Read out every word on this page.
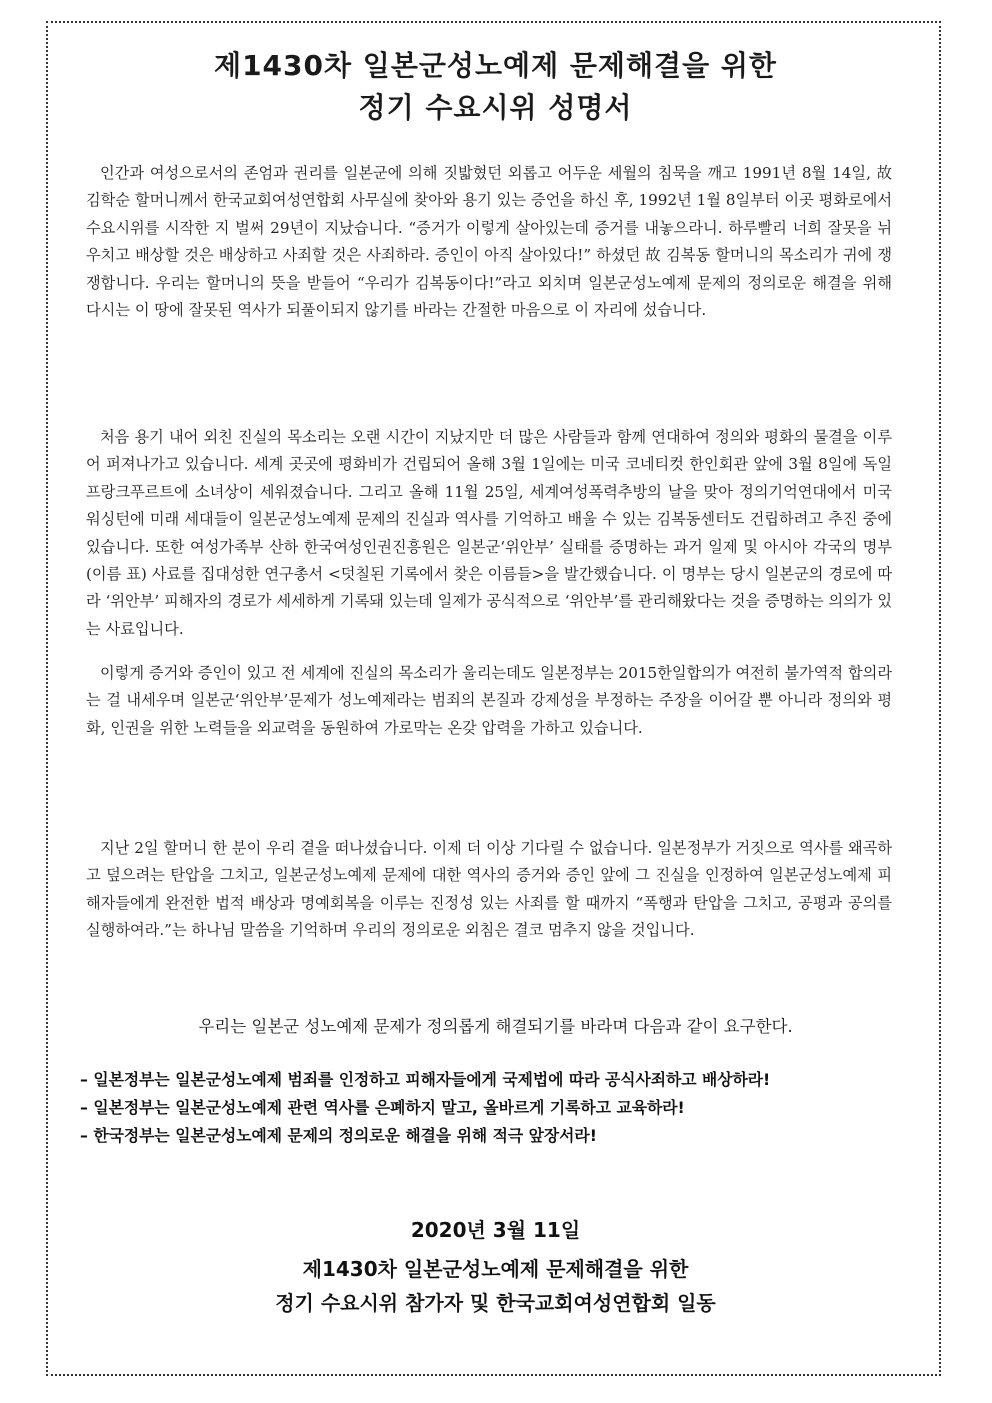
제1430차 일본군성노예제 문제해결을 위한
정기 수요시위 성명서

인간과 여성으로서의 존엄과 권리를 일본군에 의해 짓밟혔던 외롭고 어두운 세월의 침묵을 깨고 1991년 8월 14일, 故 김학순 할머니께서 한국교회여성연합회 사무실에 찾아와 용기 있는 증언을 하신 후, 1992년 1월 8일부터 이곳 평화로에서 수요시위를 시작한 지 벌써 29년이 지났습니다. “증거가 이렇게 살아있는데 증거를 내놓으라니. 하루빨리 너희 잘못을 뉘우치고 배상할 것은 배상하고 사죄할 것은 사죄하라. 증인이 아직 살아있다!” 하셨던 故 김복동 할머니의 목소리가 귀에 쟁쟁합니다. 우리는 할머니의 뜻을 받들어 “우리가 김복동이다!”라고 외치며 일본군성노예제 문제의 정의로운 해결을 위해 다시는 이 땅에 잘못된 역사가 되풀이되지 않기를 바라는 간절한 마음으로 이 자리에 섰습니다.

처음 용기 내어 외친 진실의 목소리는 오랜 시간이 지났지만 더 많은 사람들과 함께 연대하여 정의와 평화의 물결을 이루어 퍼져나가고 있습니다. 세계 곳곳에 평화비가 건립되어 올해 3월 1일에는 미국 코네티컷 한인회관 앞에 3월 8일에 독일 프랑크푸르트에 소녀상이 세워졌습니다. 그리고 올해 11월 25일, 세계여성폭력추방의 날을 맞아 정의기억연대에서 미국 워싱턴에 미래 세대들이 일본군성노예제 문제의 진실과 역사를 기억하고 배울 수 있는 김복동센터도 건립하려고 추진 중에 있습니다. 또한 여성가족부 산하 한국여성인권진흥원은 일본군‘위안부’ 실태를 증명하는 과거 일제 및 아시아 각국의 명부(이름 표) 사료를 집대성한 연구총서 <덧칠된 기록에서 찾은 이름들>을 발간했습니다. 이 명부는 당시 일본군의 경로에 따라 ‘위안부’ 피해자의 경로가 세세하게 기록돼 있는데 일제가 공식적으로 ‘위안부’를 관리해왔다는 것을 증명하는 의의가 있는 사료입니다.

이렇게 증거와 증인이 있고 전 세계에 진실의 목소리가 울리는데도 일본정부는 2015한일합의가 여전히 불가역적 합의라는 걸 내세우며 일본군‘위안부’문제가 성노예제라는 범죄의 본질과 강제성을 부정하는 주장을 이어갈 뿐 아니라 정의와 평화, 인권을 위한 노력들을 외교력을 동원하여 가로막는 온갖 압력을 가하고 있습니다.

지난 2일 할머니 한 분이 우리 곁을 떠나셨습니다. 이제 더 이상 기다릴 수 없습니다. 일본정부가 거짓으로 역사를 왜곡하고 덮으려는 탄압을 그치고, 일본군성노예제 문제에 대한 역사의 증거와 증인 앞에 그 진실을 인정하여 일본군성노예제 피해자들에게 완전한 법적 배상과 명예회복을 이루는 진정성 있는 사죄를 할 때까지 “폭행과 탄압을 그치고, 공평과 공의를 실행하여라.”는 하나님 말씀을 기억하며 우리의 정의로운 외침은 결코 멈추지 않을 것입니다.

우리는 일본군 성노예제 문제가 정의롭게 해결되기를 바라며 다음과 같이 요구한다.

– 일본정부는 일본군성노예제 범죄를 인정하고 피해자들에게 국제법에 따라 공식사죄하고 배상하라!
– 일본정부는 일본군성노예제 관련 역사를 은폐하지 말고, 올바르게 기록하고 교육하라!
– 한국정부는 일본군성노예제 문제의 정의로운 해결을 위해 적극 앞장서라!

2020년 3월 11일

제1430차 일본군성노예제 문제해결을 위한

정기 수요시위 참가자 및 한국교회여성연합회 일동
